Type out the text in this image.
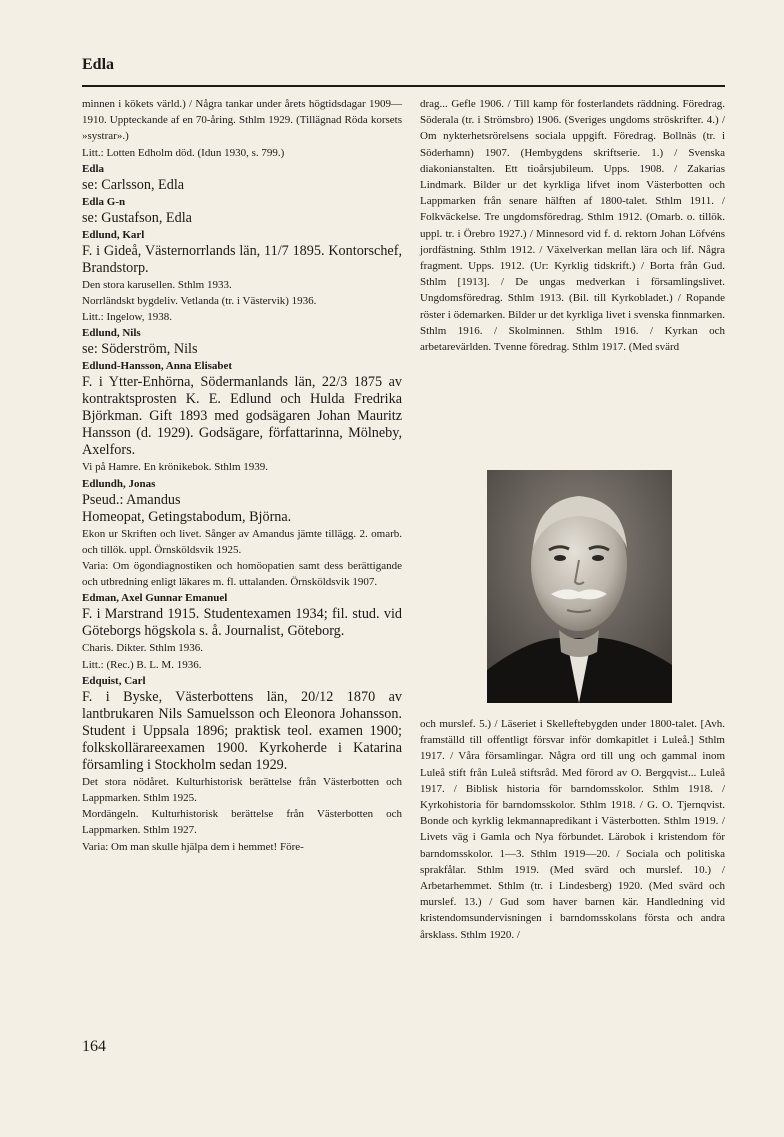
Edla

minnen i kökets värld.) / Några tankar under årets högtidsdagar 1909—1910. Uppteckande af en 70-åring. Sthlm 1929. (Tillägnad Röda korsets »systrar».)

Litt.: Lotten Edholm död. (Idun 1930, s. 799.)

Edla

se: Carlsson, Edla

Edla G-n

se: Gustafson, Edla

Edlund, Karl

F. i Gideå, Västernorrlands län, 11/7 1895. Kontorschef, Brandstorp.

Den stora karusellen. Sthlm 1933.

Norrländskt bygdeliv. Vetlanda (tr. i Västervik) 1936.

Litt.: Ingelow, 1938.

Edlund, Nils

se: Söderström, Nils

Edlund-Hansson, Anna Elisabet

F. i Ytter-Enhörna, Södermanlands län, 22/3 1875 av kontraktsprosten K. E. Edlund och Hulda Fredrika Björkman. Gift 1893 med godsägaren Johan Mauritz Hansson (d. 1929). Godsägare, författarinna, Mölneby, Axelfors.

Vi på Hamre. En krönikebok. Sthlm 1939.

Edlundh, Jonas

Pseud.: Amandus

Homeopat, Getingstabodum, Björna.

Ekon ur Skriften och livet. Sånger av Amandus jämte tillägg. 2. omarb. och tillök. uppl. Örnsköldsvik 1925.

Varia: Om ögondiagnostiken och homöopatien samt dess berättigande och utbredning enligt läkares m. fl. uttalanden. Örnsköldsvik 1907.

Edman, Axel Gunnar Emanuel

F. i Marstrand 1915. Studentexamen 1934; fil. stud. vid Göteborgs högskola s. å. Journalist, Göteborg.

Charis. Dikter. Sthlm 1936.

Litt.: (Rec.) B. L. M. 1936.

Edquist, Carl

F. i Byske, Västerbottens län, 20/12 1870 av lantbrukaren Nils Samuelsson och Eleonora Johansson. Student i Uppsala 1896; praktisk teol. examen 1900; folkskollärareexamen 1900. Kyrkoherde i Katarina församling i Stockholm sedan 1929.

Det stora nödåret. Kulturhistorisk berättelse från Västerbotten och Lappmarken. Sthlm 1925.

Mordängeln. Kulturhistorisk berättelse från Västerbotten och Lappmarken. Sthlm 1927.

Varia: Om man skulle hjälpa dem i hemmet! Före-

drag... Gefle 1906. / Till kamp för fosterlandets räddning. Föredrag. Söderala (tr. i Strömsbro) 1906. (Sveriges ungdoms ströskrifter. 4.) / Om nykterhetsrörelsens sociala uppgift. Föredrag. Bollnäs (tr. i Söderhamn) 1907. (Hembygdens skriftserie. 1.) / Svenska diakonianstalten. Ett tioårsjubileum. Upps. 1908. / Zakarias Lindmark. Bilder ur det kyrkliga lifvet inom Västerbotten och Lappmarken från senare hälften af 1800-talet. Sthlm 1911. / Folkväckelse. Tre ungdomsföredrag. Sthlm 1912. (Omarb. o. tillök. uppl. tr. i Örebro 1927.) / Minnesord vid f. d. rektorn Johan Löfvéns jordfästning. Sthlm 1912. / Växelverkan mellan lära och lif. Några fragment. Upps. 1912. (Ur: Kyrklig tidskrift.) / Borta från Gud. Sthlm [1913]. / De ungas medverkan i församlingslivet. Ungdomsföredrag. Sthlm 1913. (Bil. till Kyrkobladet.) / Ropande röster i ödemarken. Bilder ur det kyrkliga livet i svenska finnmarken. Sthlm 1916. / Skolminnen. Sthlm 1916. / Kyrkan och arbetarevärlden. Tvenne föredrag. Sthlm 1917. (Med svärd

och murslef. 5.) / Läseriet i Skelleftebygden under 1800-talet. [Avh. framställd till offentligt försvar inför domkapitlet i Luleå.] Sthlm 1917. / Våra församlingar. Några ord till ung och gammal inom Luleå stift från Luleå stiftsråd. Med förord av O. Bergqvist... Luleå 1917. / Biblisk historia för barndomsskolor. Sthlm 1918. / Kyrkohistoria för barndomsskolor. Sthlm 1918. / G. O. Tjernqvist. Bonde och kyrklig lekmannapredikant i Västerbotten. Sthlm 1919. / Livets väg i Gamla och Nya förbundet. Lärobok i kristendom för barndomsskolor. 1—3. Sthlm 1919—20. / Sociala och politiska sprakfålar. Sthlm 1919. (Med svärd och murslef. 10.) / Arbetarhemmet. Sthlm (tr. i Lindesberg) 1920. (Med svärd och murslef. 13.) / Gud som haver barnen kär. Handledning vid kristendomsundervisningen i barndomsskolans första och andra årsklass. Sthlm 1920. /

164
